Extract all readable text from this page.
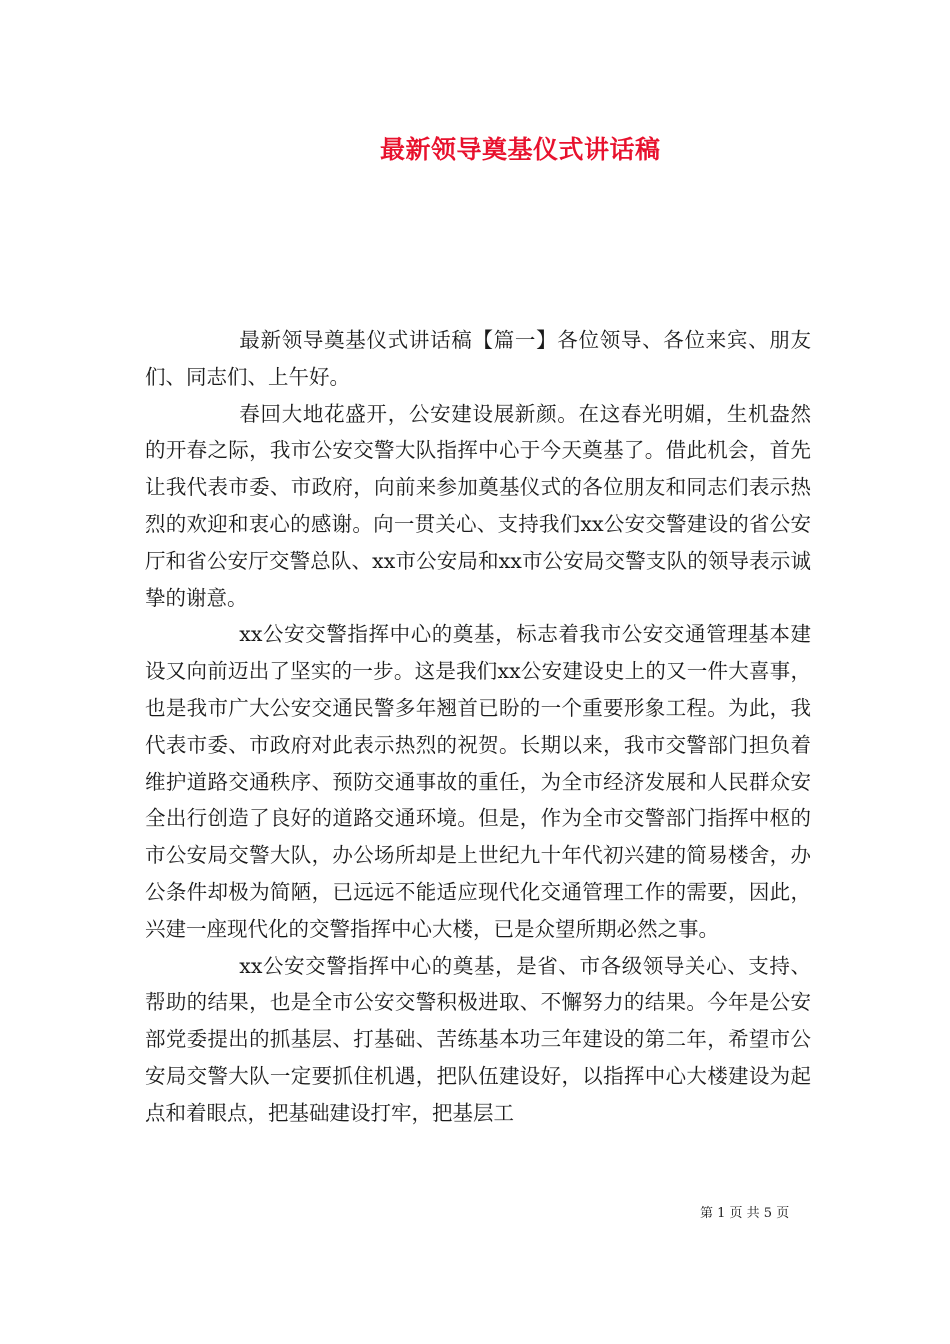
最新领导奠基仪式讲话稿

最新领导奠基仪式讲话稿【篇一】各位领导、各位来宾、朋友们、同志们、上午好。

春回大地花盛开，公安建设展新颜。在这春光明媚，生机盎然的开春之际，我市公安交警大队指挥中心于今天奠基了。借此机会，首先让我代表市委、市政府，向前来参加奠基仪式的各位朋友和同志们表示热烈的欢迎和衷心的感谢。向一贯关心、支持我们xx公安交警建设的省公安厅和省公安厅交警总队、xx市公安局和xx市公安局交警支队的领导表示诚挚的谢意。

xx公安交警指挥中心的奠基，标志着我市公安交通管理基本建设又向前迈出了坚实的一步。这是我们xx公安建设史上的又一件大喜事，也是我市广大公安交通民警多年翘首已盼的一个重要形象工程。为此，我代表市委、市政府对此表示热烈的祝贺。长期以来，我市交警部门担负着维护道路交通秩序、预防交通事故的重任，为全市经济发展和人民群众安全出行创造了良好的道路交通环境。但是，作为全市交警部门指挥中枢的市公安局交警大队，办公场所却是上世纪九十年代初兴建的简易楼舍，办公条件却极为简陋，已远远不能适应现代化交通管理工作的需要，因此，兴建一座现代化的交警指挥中心大楼，已是众望所期必然之事。

xx公安交警指挥中心的奠基，是省、市各级领导关心、支持、帮助的结果，也是全市公安交警积极进取、不懈努力的结果。今年是公安部党委提出的抓基层、打基础、苦练基本功三年建设的第二年，希望市公安局交警大队一定要抓住机遇，把队伍建设好，以指挥中心大楼建设为起点和着眼点，把基础建设打牢，把基层工

第 1 页 共 5 页
